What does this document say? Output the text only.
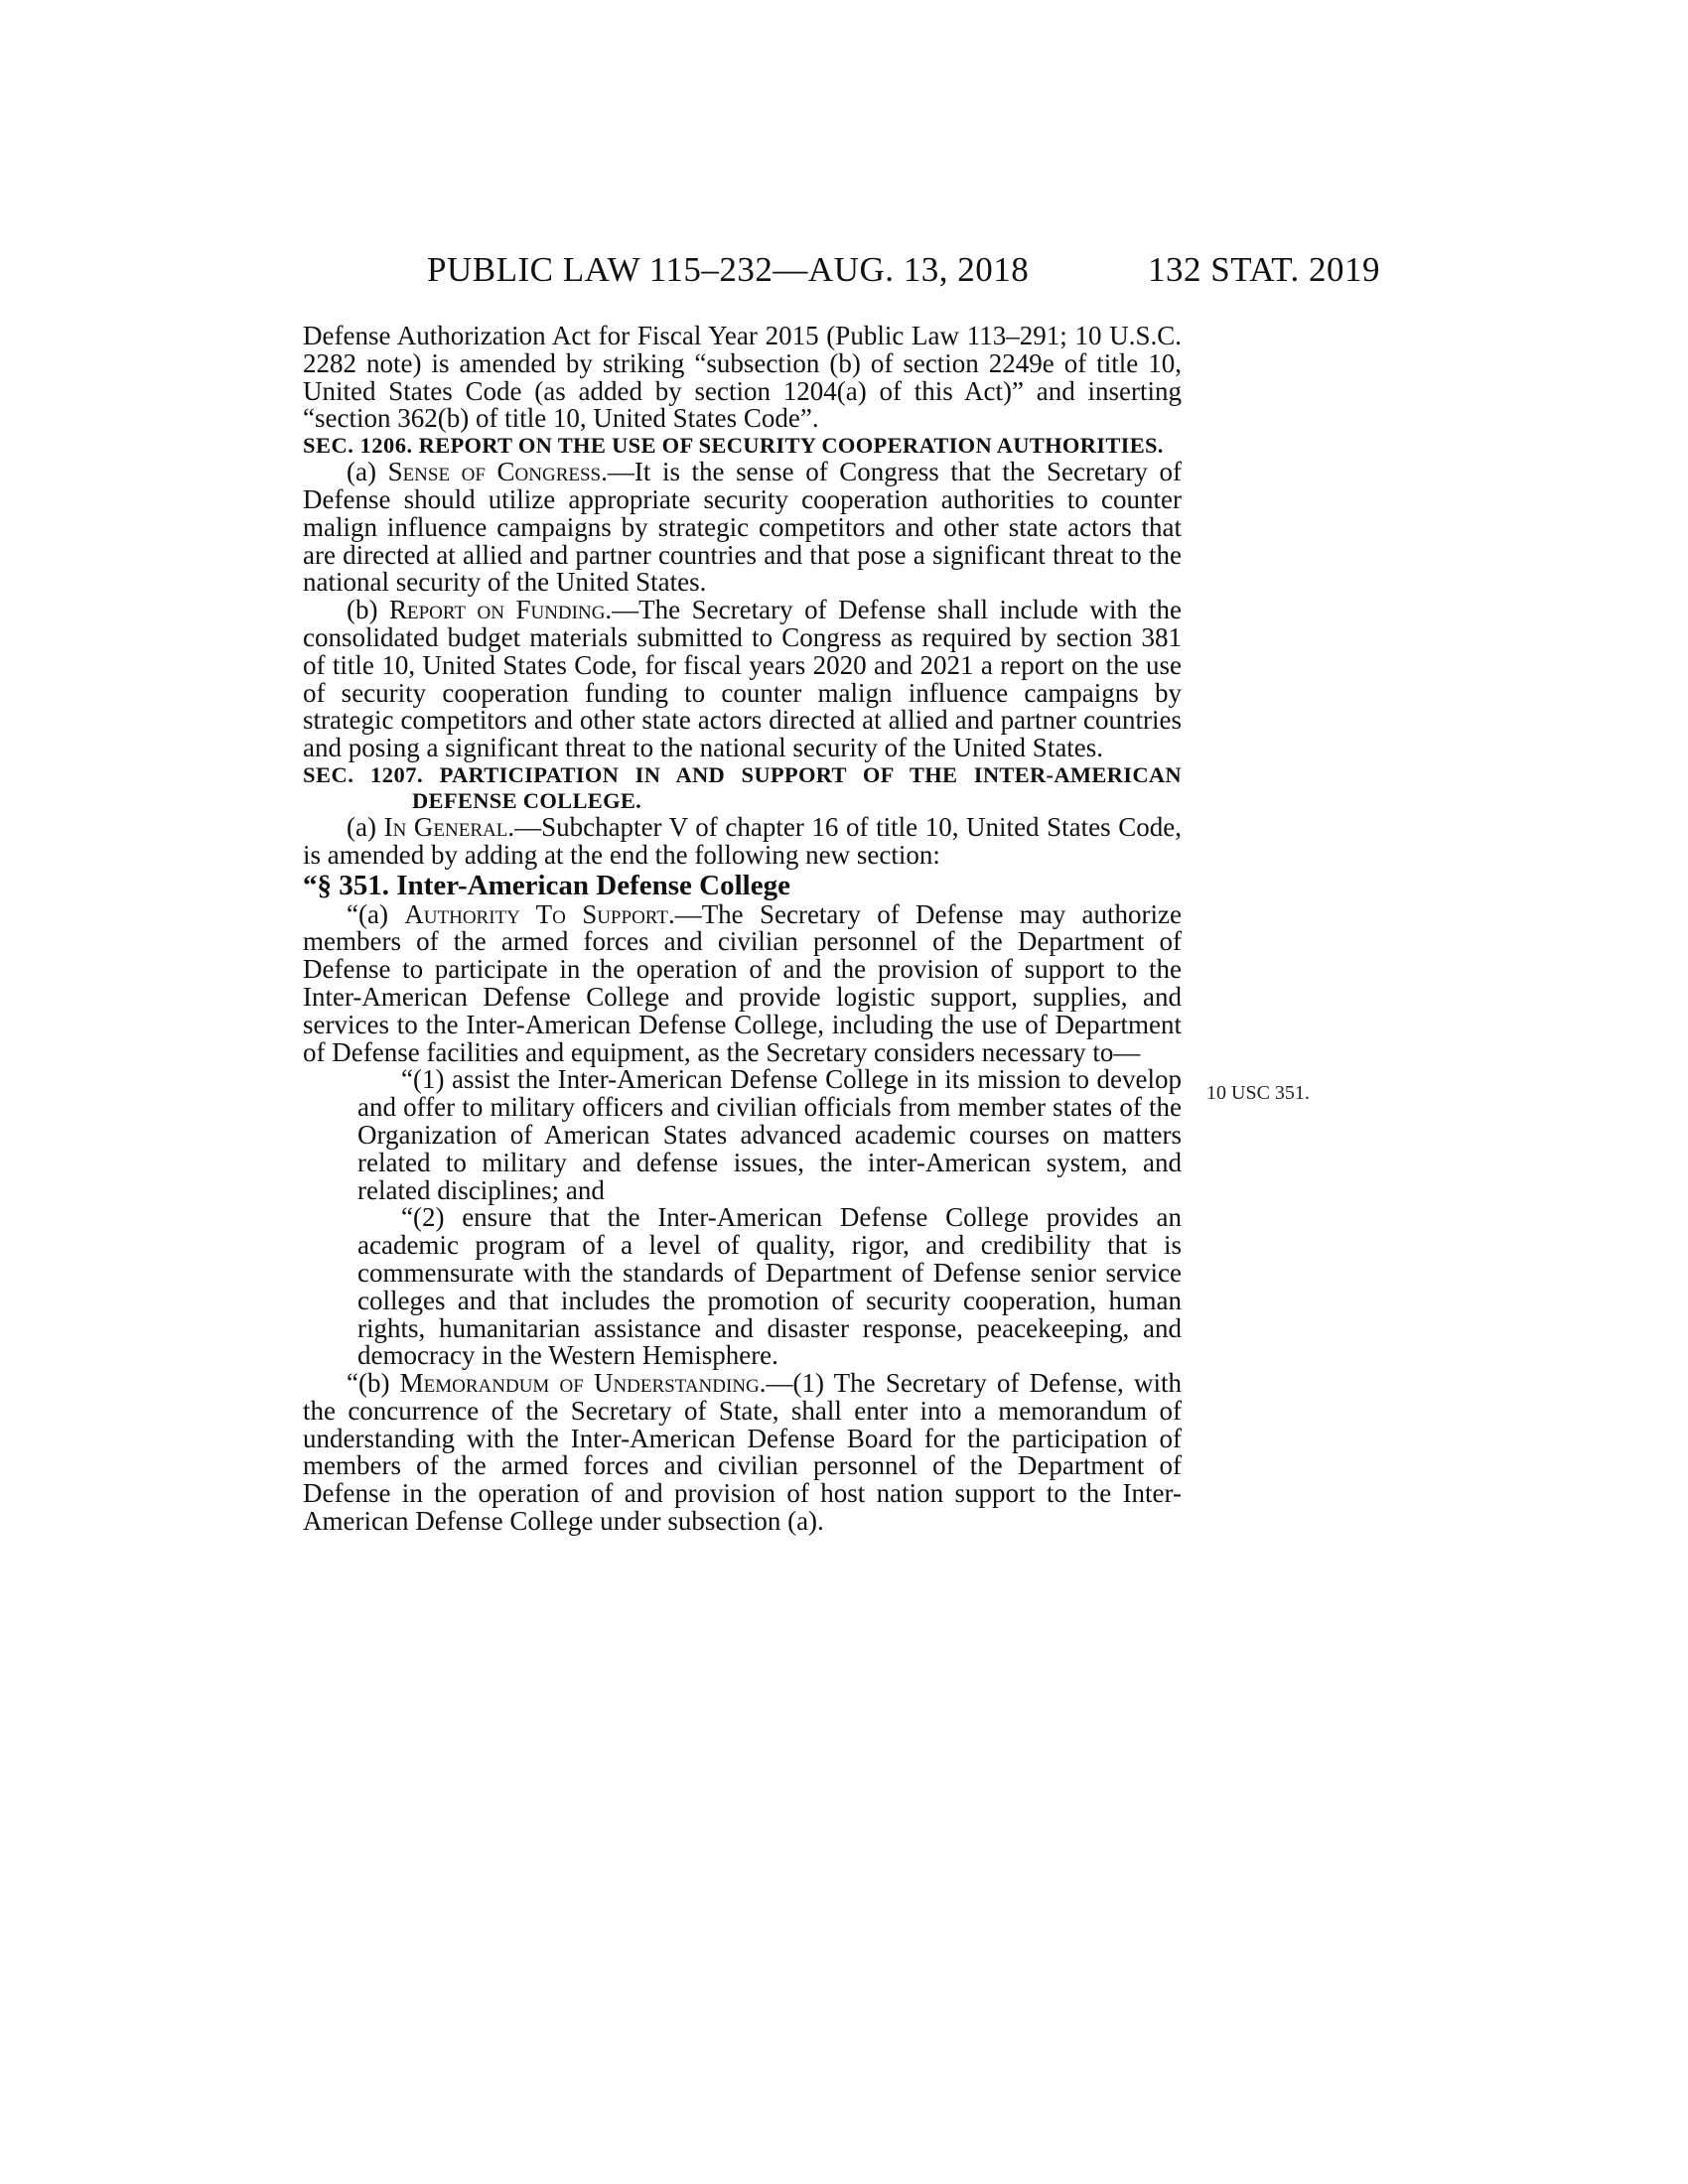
PUBLIC LAW 115–232—AUG. 13, 2018	132 STAT. 2019
10 USC 351.

Defense Authorization Act for Fiscal Year 2015 (Public Law 113–291; 10 U.S.C. 2282 note) is amended by striking “subsection (b) of section 2249e of title 10, United States Code (as added by section 1204(a) of this Act)” and inserting “section 362(b) of title 10, United States Code”.

SEC. 1206. REPORT ON THE USE OF SECURITY COOPERATION AUTHORITIES.

(a) Sense of Congress.—It is the sense of Congress that the Secretary of Defense should utilize appropriate security cooperation authorities to counter malign influence campaigns by strategic competitors and other state actors that are directed at allied and partner countries and that pose a significant threat to the national security of the United States.

(b) Report on Funding.—The Secretary of Defense shall include with the consolidated budget materials submitted to Congress as required by section 381 of title 10, United States Code, for fiscal years 2020 and 2021 a report on the use of security cooperation funding to counter malign influence campaigns by strategic competitors and other state actors directed at allied and partner countries and posing a significant threat to the national security of the United States.

SEC. 1207. PARTICIPATION IN AND SUPPORT OF THE INTER-AMERICAN DEFENSE COLLEGE.

(a) In General.—Subchapter V of chapter 16 of title 10, United States Code, is amended by adding at the end the following new section:

“§ 351. Inter-American Defense College

“(a) Authority To Support.—The Secretary of Defense may authorize members of the armed forces and civilian personnel of the Department of Defense to participate in the operation of and the provision of support to the Inter-American Defense College and provide logistic support, supplies, and services to the Inter-American Defense College, including the use of Department of Defense facilities and equipment, as the Secretary considers necessary to—

“(1) assist the Inter-American Defense College in its mission to develop and offer to military officers and civilian officials from member states of the Organization of American States advanced academic courses on matters related to military and defense issues, the inter-American system, and related disciplines; and

“(2) ensure that the Inter-American Defense College provides an academic program of a level of quality, rigor, and credibility that is commensurate with the standards of Department of Defense senior service colleges and that includes the promotion of security cooperation, human rights, humanitarian assistance and disaster response, peacekeeping, and democracy in the Western Hemisphere.

“(b) Memorandum of Understanding.—(1) The Secretary of Defense, with the concurrence of the Secretary of State, shall enter into a memorandum of understanding with the Inter-American Defense Board for the participation of members of the armed forces and civilian personnel of the Department of Defense in the operation of and provision of host nation support to the Inter-American Defense College under subsection (a).
